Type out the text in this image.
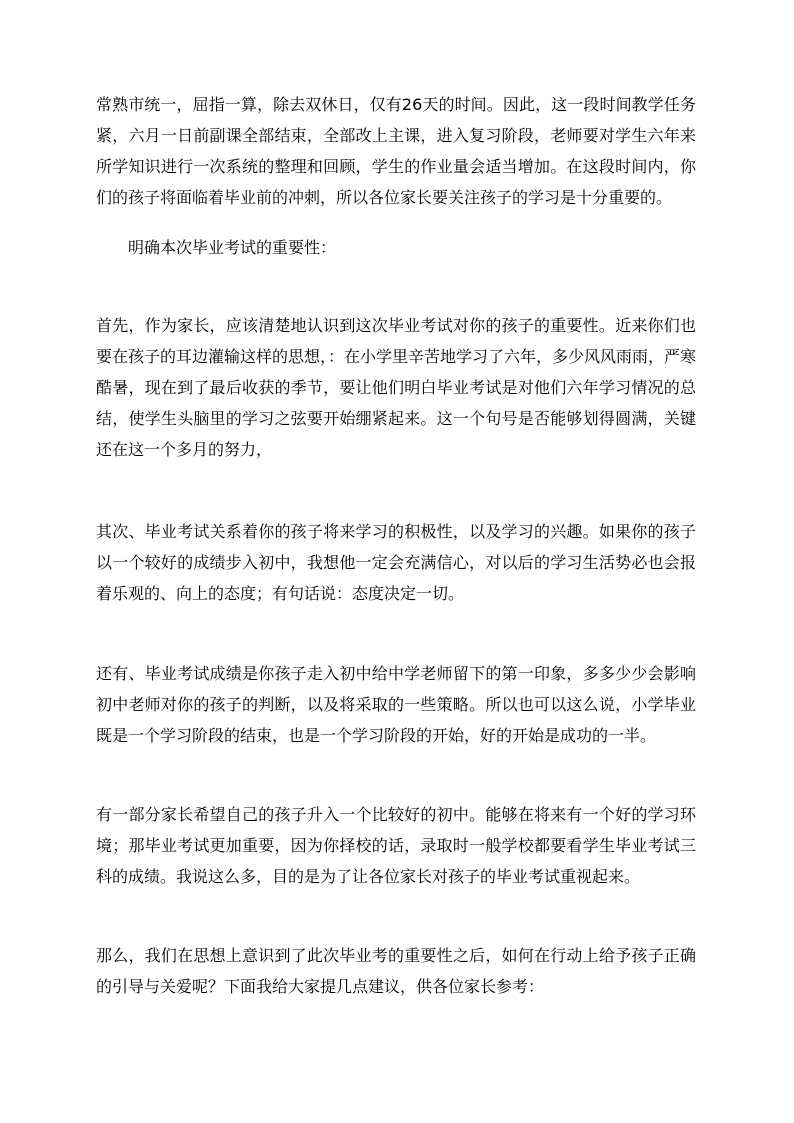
常熟市统一，屈指一算，除去双休日，仅有26天的时间。因此，这一段时间教学任务紧，六月一日前副课全部结束，全部改上主课，进入复习阶段，老师要对学生六年来所学知识进行一次系统的整理和回顾，学生的作业量会适当增加。在这段时间内，你们的孩子将面临着毕业前的冲刺，所以各位家长要关注孩子的学习是十分重要的。

明确本次毕业考试的重要性：

首先，作为家长，应该清楚地认识到这次毕业考试对你的孩子的重要性。近来你们也要在孩子的耳边灌输这样的思想，：在小学里辛苦地学习了六年，多少风风雨雨，严寒酷暑，现在到了最后收获的季节，要让他们明白毕业考试是对他们六年学习情况的总结，使学生头脑里的学习之弦要开始绷紧起来。这一个句号是否能够划得圆满，关键还在这一个多月的努力，

其次、毕业考试关系着你的孩子将来学习的积极性，以及学习的兴趣。如果你的孩子以一个较好的成绩步入初中，我想他一定会充满信心，对以后的学习生活势必也会报着乐观的、向上的态度；有句话说：态度决定一切。

还有、毕业考试成绩是你孩子走入初中给中学老师留下的第一印象，多多少少会影响初中老师对你的孩子的判断，以及将采取的一些策略。所以也可以这么说，小学毕业既是一个学习阶段的结束，也是一个学习阶段的开始，好的开始是成功的一半。

有一部分家长希望自己的孩子升入一个比较好的初中。能够在将来有一个好的学习环境；那毕业考试更加重要，因为你择校的话，录取时一般学校都要看学生毕业考试三科的成绩。我说这么多，目的是为了让各位家长对孩子的毕业考试重视起来。

那么，我们在思想上意识到了此次毕业考的重要性之后，如何在行动上给予孩子正确的引导与关爱呢？下面我给大家提几点建议，供各位家长参考：
